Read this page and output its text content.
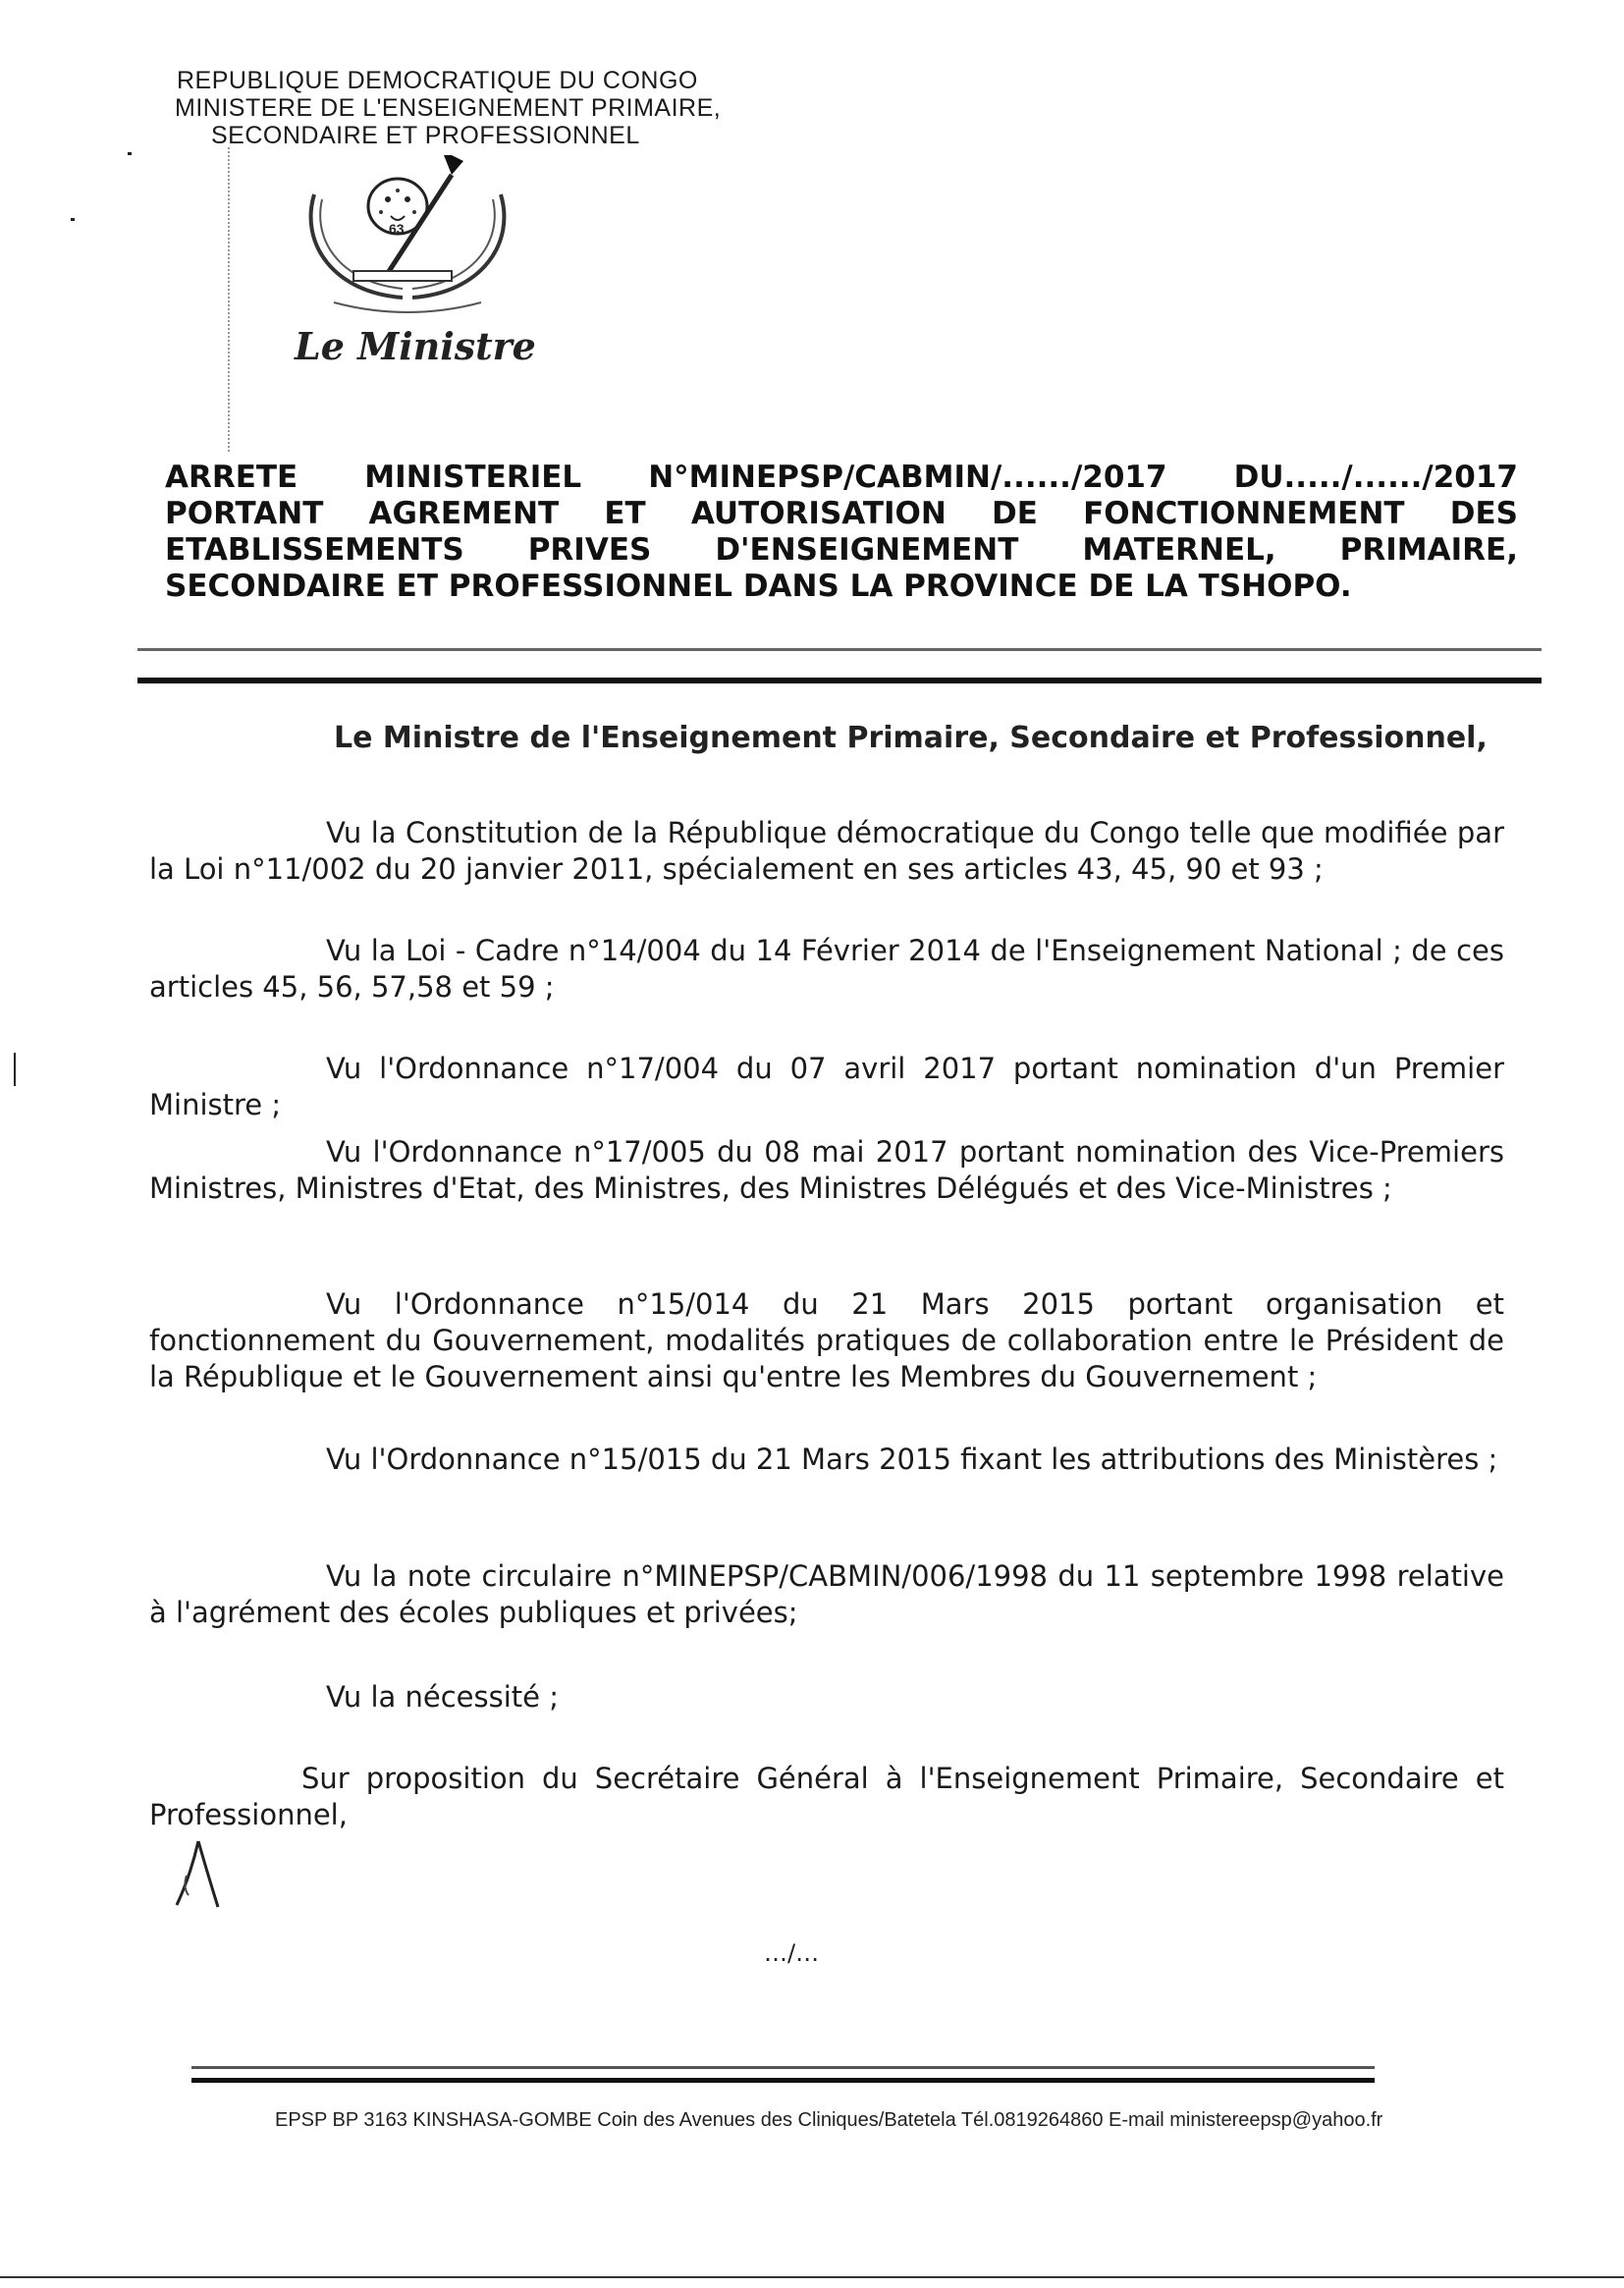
REPUBLIQUE DEMOCRATIQUE DU CONGO
MINISTERE DE L'ENSEIGNEMENT PRIMAIRE,
SECONDAIRE ET PROFESSIONNEL
63
Le Ministre
ARRETE MINISTERIEL N°MINEPSP/CABMIN/....../2017 DU...../....../2017
PORTANT AGREMENT ET AUTORISATION DE FONCTIONNEMENT DES
ETABLISSEMENTS PRIVES D'ENSEIGNEMENT MATERNEL, PRIMAIRE,
SECONDAIRE ET PROFESSIONNEL DANS LA PROVINCE DE LA TSHOPO.
Le Ministre de l'Enseignement Primaire, Secondaire et Professionnel,
Vu la Constitution de la République démocratique du Congo telle que modifiée par la Loi n°11/002 du 20 janvier 2011, spécialement en ses articles 43, 45, 90 et 93 ;
Vu la Loi - Cadre n°14/004 du 14 Février 2014 de l'Enseignement National ; de ces articles 45, 56, 57,58 et 59 ;
Vu l'Ordonnance n°17/004 du 07 avril 2017 portant nomination d'un Premier Ministre ;
Vu l'Ordonnance n°17/005 du 08 mai 2017 portant nomination des Vice-Premiers Ministres, Ministres d'Etat, des Ministres, des Ministres Délégués et des Vice-Ministres ;
Vu l'Ordonnance n°15/014 du 21 Mars 2015 portant organisation et fonctionnement du Gouvernement, modalités pratiques de collaboration entre le Président de la République et le Gouvernement ainsi qu'entre les Membres du Gouvernement ;
Vu l'Ordonnance n°15/015 du 21 Mars 2015 fixant les attributions des Ministères ;
Vu la note circulaire n°MINEPSP/CABMIN/006/1998 du 11 septembre 1998 relative à l'agrément des écoles publiques et privées;
Vu la nécessité ;
Sur proposition du Secrétaire Général à l'Enseignement Primaire, Secondaire et Professionnel,
…/…
EPSP BP 3163 KINSHASA-GOMBE Coin des Avenues des Cliniques/Batetela Tél.0819264860 E-mail ministereepsp@yahoo.fr
